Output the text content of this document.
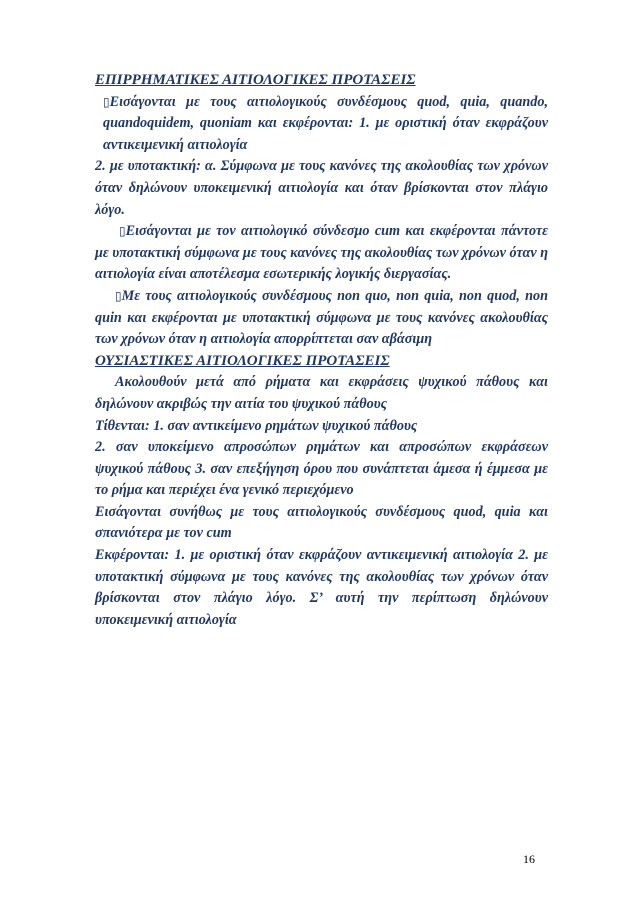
ΕΠΙΡΡΗΜΑΤΙΚΕΣ ΑΙΤΙΟΛΟΓΙΚΕΣ ΠΡΟΤΑΣΕΙΣ

▯Εισάγονται με τους αιτιολογικούς συνδέσμους quod, quia, quando, quandoquidem, quoniam και εκφέρονται: 1. με οριστική όταν εκφράζουν αντικειμενική αιτιολογία

2. με υποτακτική: α. Σύμφωνα με τους κανόνες της ακολουθίας των χρόνων όταν δηλώνουν υποκειμενική αιτιολογία και όταν βρίσκονται στον πλάγιο λόγο.

▯Εισάγονται με τον αιτιολογικό σύνδεσμο cum και εκφέρονται πάντοτε με υποτακτική σύμφωνα με τους κανόνες της ακολουθίας των χρόνων όταν η αιτιολογία είναι αποτέλεσμα εσωτερικής λογικής διεργασίας.

▯Με τους αιτιολογικούς συνδέσμους non quo, non quia, non quod, non quin και εκφέρονται με υποτακτική σύμφωνα με τους κανόνες ακολουθίας των χρόνων όταν η αιτιολογία απορρίπτεται σαν αβάσιμη

ΟΥΣΙΑΣΤΙΚΕΣ ΑΙΤΙΟΛΟΓΙΚΕΣ ΠΡΟΤΑΣΕΙΣ

Ακολουθούν μετά από ρήματα και εκφράσεις ψυχικού πάθους και δηλώνουν ακριβώς την αιτία του ψυχικού πάθους

Τίθενται: 1. σαν αντικείμενο ρημάτων ψυχικού πάθους

2. σαν υποκείμενο απροσώπων ρημάτων και απροσώπων εκφράσεων ψυχικού πάθους 3. σαν επεξήγηση όρου που συνάπτεται άμεσα ή έμμεσα με το ρήμα και περιέχει ένα γενικό περιεχόμενο

Εισάγονται συνήθως με τους αιτιολογικούς συνδέσμους quod, quia και σπανιότερα με τον cum

Εκφέρονται: 1. με οριστική όταν εκφράζουν αντικειμενική αιτιολογία 2. με υποτακτική σύμφωνα με τους κανόνες της ακολουθίας των χρόνων όταν βρίσκονται στον πλάγιο λόγο. Σ’ αυτή την περίπτωση δηλώνουν υποκειμενική αιτιολογία

16
